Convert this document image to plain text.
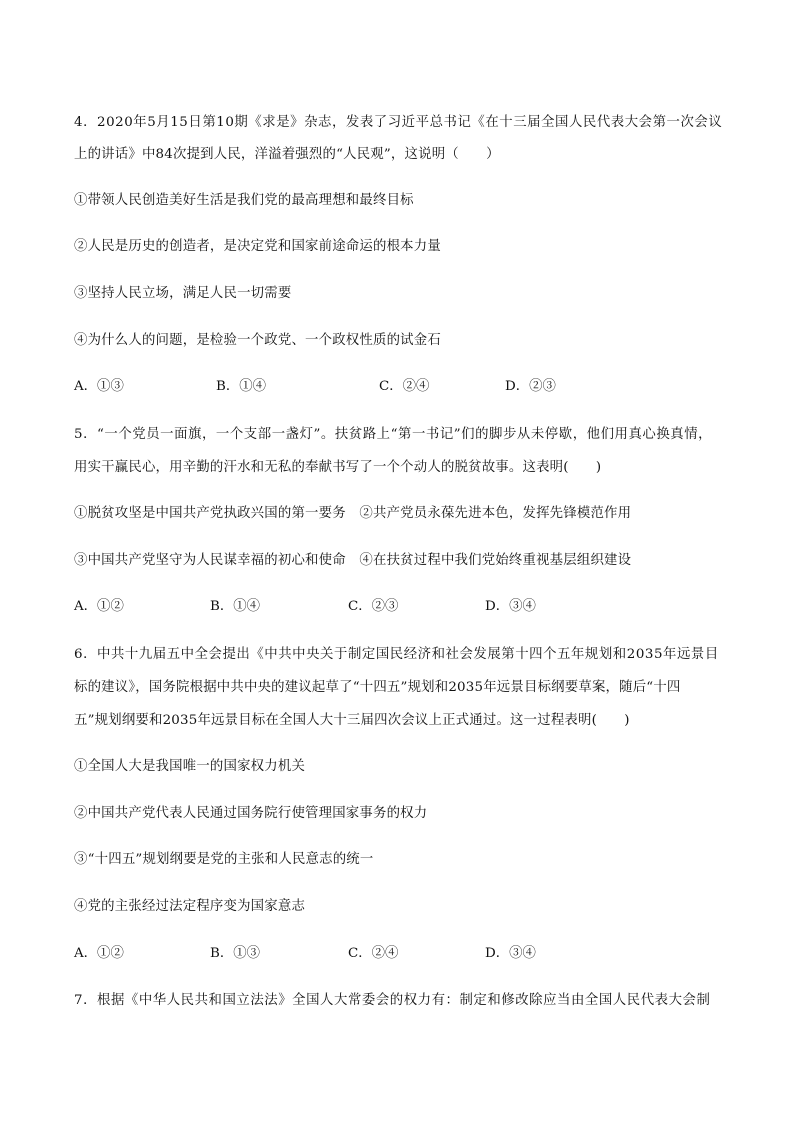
4．2020年5月15日第10期《求是》杂志，发表了习近平总书记《在十三届全国人民代表大会第一次会议
上的讲话》中84次提到人民，洋溢着强烈的“人民观”，这说明（　　）
①带领人民创造美好生活是我们党的最高理想和最终目标
②人民是历史的创造者，是决定党和国家前途命运的根本力量
③坚持人民立场，满足人民一切需要
④为什么人的问题，是检验一个政党、一个政权性质的试金石
A．①③	B．①④	C．②④	D．②③
5．“一个党员一面旗，一个支部一盏灯”。扶贫路上“第一书记”们的脚步从未停歇，他们用真心换真情，
用实干赢民心，用辛勤的汗水和无私的奉献书写了一个个动人的脱贫故事。这表明(　　)
①脱贫攻坚是中国共产党执政兴国的第一要务　②共产党员永葆先进本色，发挥先锋模范作用
③中国共产党坚守为人民谋幸福的初心和使命　④在扶贫过程中我们党始终重视基层组织建设
A．①②	B．①④	C．②③	D．③④
6．中共十九届五中全会提出《中共中央关于制定国民经济和社会发展第十四个五年规划和2035年远景目
标的建议》，国务院根据中共中央的建议起草了“十四五”规划和2035年远景目标纲要草案，随后“十四
五”规划纲要和2035年远景目标在全国人大十三届四次会议上正式通过。这一过程表明(　　)
①全国人大是我国唯一的国家权力机关
②中国共产党代表人民通过国务院行使管理国家事务的权力
③“十四五”规划纲要是党的主张和人民意志的统一
④党的主张经过法定程序变为国家意志
A．①②	B．①③	C．②④	D．③④
7．根据《中华人民共和国立法法》全国人大常委会的权力有：制定和修改除应当由全国人民代表大会制
